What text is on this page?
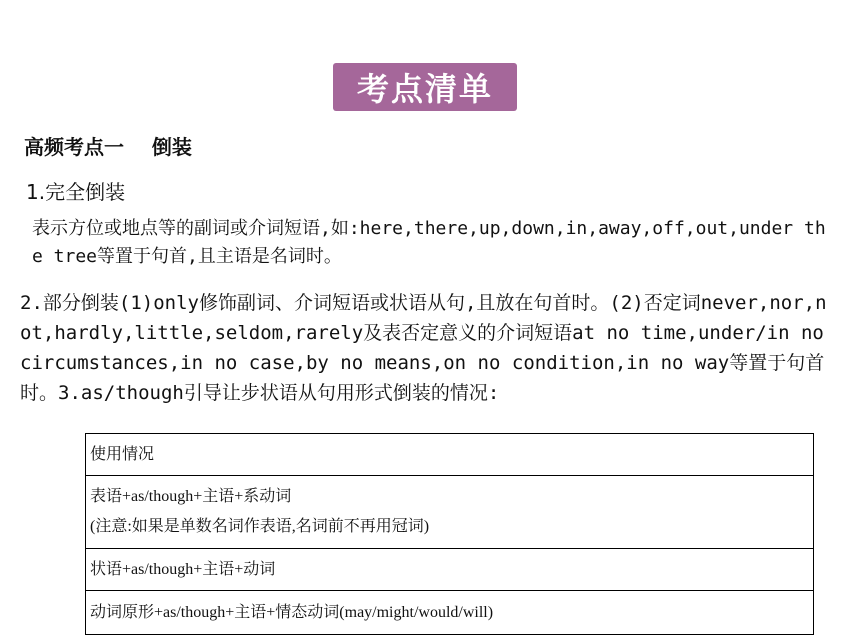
考点清单
高频考点一    倒装
1.完全倒装
表示方位或地点等的副词或介词短语,如:here,there,up,down,in,away,off,out,under the tree等置于句首,且主语是名词时。
2.部分倒装(1)only修饰副词、介词短语或状语从句,且放在句首时。(2)否定词never,nor,not,hardly,little,seldom,rarely及表否定意义的介词短语at no time,under/in no circumstances,in no case,by no means,on no condition,in no way等置于句首时。3.as/though引导让步状语从句用形式倒装的情况:
使用情况

表语+as/though+主语+系动词
(注意:如果是单数名词作表语,名词前不再用冠词)

状语+as/though+主语+动词

动词原形+as/though+主语+情态动词(may/might/would/will)
